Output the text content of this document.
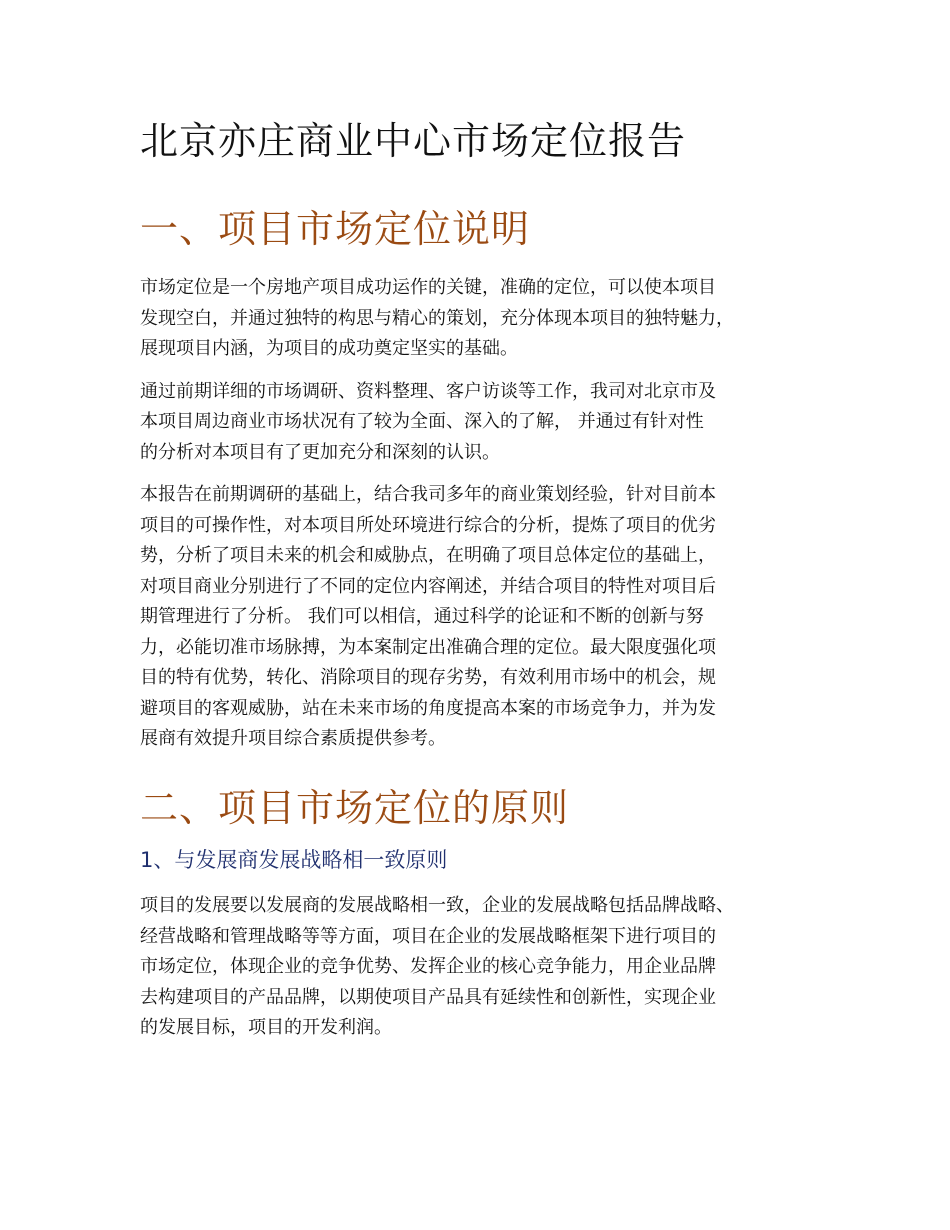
北京亦庄商业中心市场定位报告
一、项目市场定位说明

市场定位是一个房地产项目成功运作的关键，准确的定位，可以使本项目
发现空白，并通过独特的构思与精心的策划，充分体现本项目的独特魅力，
展现项目内涵，为项目的成功奠定坚实的基础。

通过前期详细的市场调研、资料整理、客户访谈等工作，我司对北京市及
本项目周边商业市场状况有了较为全面、深入的了解， 并通过有针对性
的分析对本项目有了更加充分和深刻的认识。

本报告在前期调研的基础上，结合我司多年的商业策划经验，针对目前本
项目的可操作性，对本项目所处环境进行综合的分析，提炼了项目的优劣
势，分析了项目未来的机会和威胁点，在明确了项目总体定位的基础上，
对项目商业分别进行了不同的定位内容阐述，并结合项目的特性对项目后
期管理进行了分析。 我们可以相信，通过科学的论证和不断的创新与努
力，必能切准市场脉搏，为本案制定出准确合理的定位。最大限度强化项
目的特有优势，转化、消除项目的现存劣势，有效利用市场中的机会，规
避项目的客观威胁，站在未来市场的角度提高本案的市场竞争力，并为发
展商有效提升项目综合素质提供参考。

二、项目市场定位的原则
1、与发展商发展战略相一致原则

项目的发展要以发展商的发展战略相一致，企业的发展战略包括品牌战略、
经营战略和管理战略等等方面，项目在企业的发展战略框架下进行项目的
市场定位，体现企业的竞争优势、发挥企业的核心竞争能力，用企业品牌
去构建项目的产品品牌，以期使项目产品具有延续性和创新性，实现企业
的发展目标，项目的开发利润。
